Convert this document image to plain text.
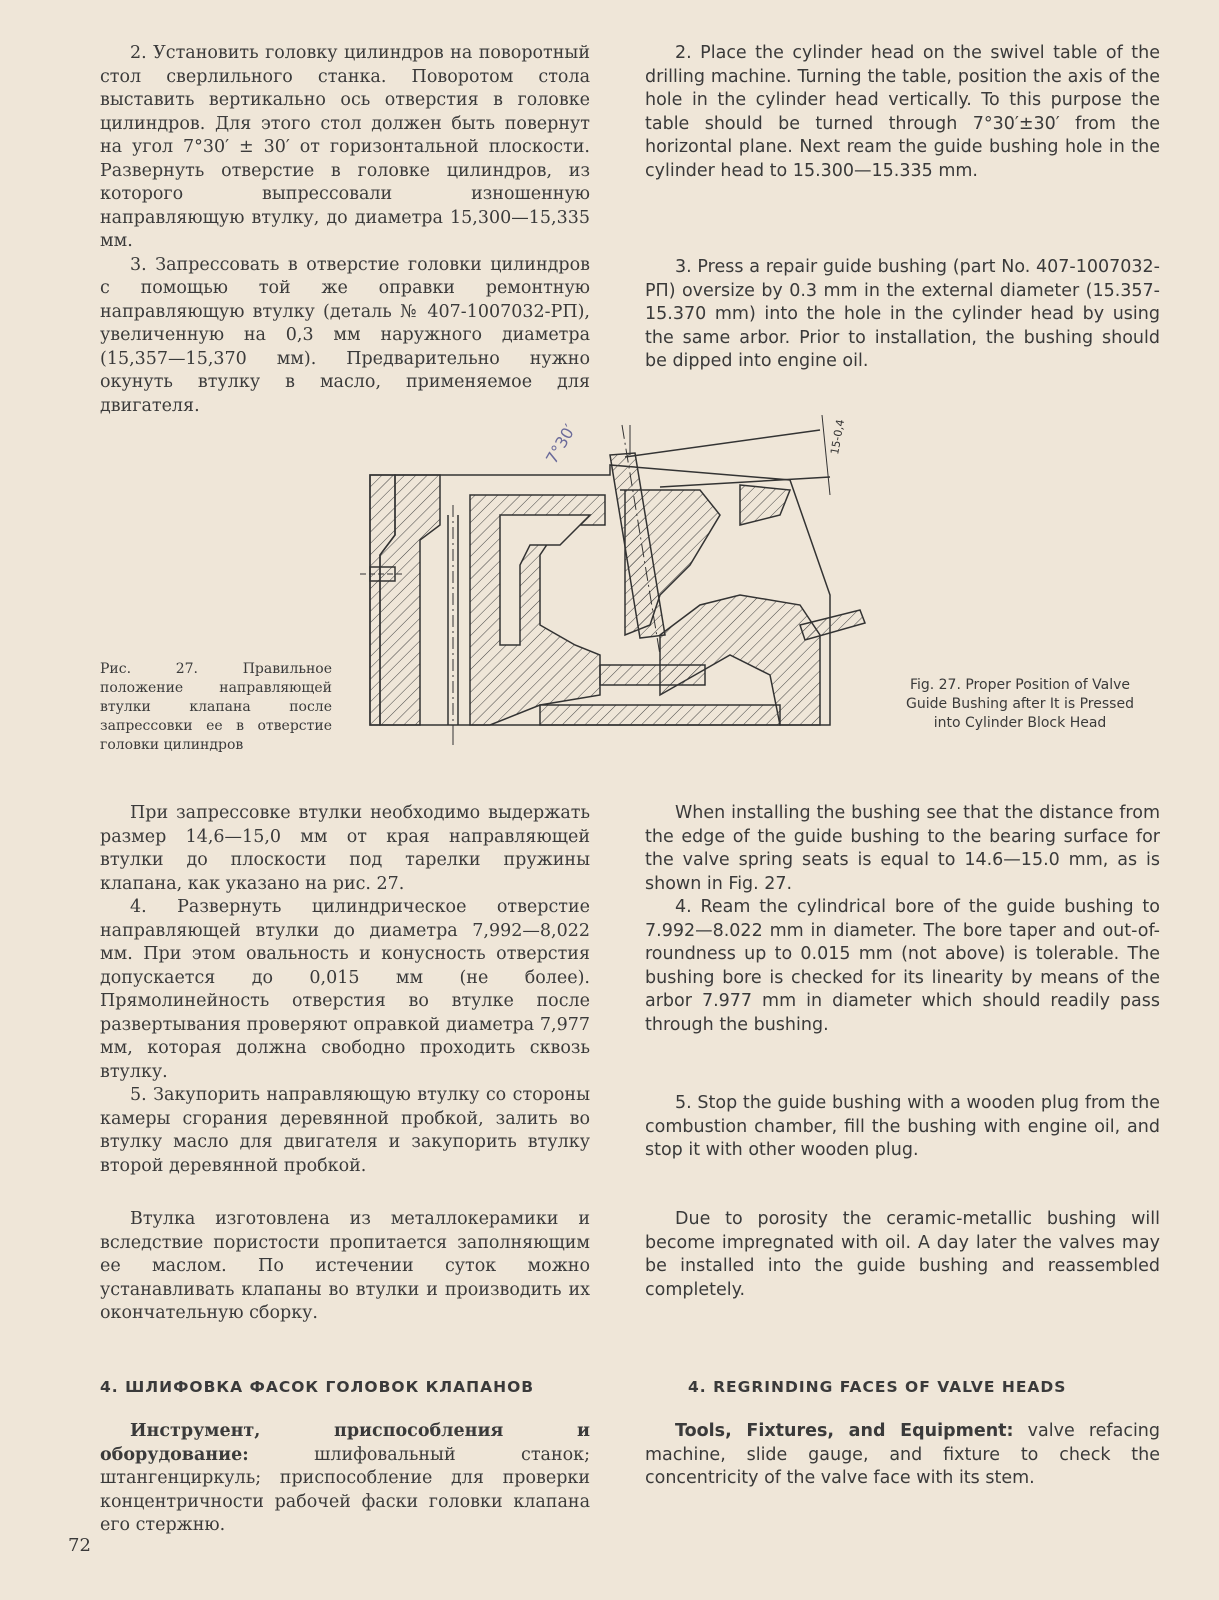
2. Установить головку цилиндров на поворотный стол сверлильного станка. Поворотом стола выставить вертикально ось отверстия в головке цилиндров. Для этого стол должен быть повернут на угол 7°30′ ± 30′ от горизонтальной плоскости. Развернуть отверстие в головке цилиндров, из которого выпрессовали изношенную направляющую втулку, до диаметра 15,300—15,335 мм.

3. Запрессовать в отверстие головки цилиндров с помощью той же оправки ремонтную направляющую втулку (деталь № 407-1007032-РП), увеличенную на 0,3 мм наружного диаметра (15,357—15,370 мм). Предварительно нужно окунуть втулку в масло, применяемое для двигателя.

2. Place the cylinder head on the swivel table of the drilling machine. Turning the table, position the axis of the hole in the cylinder head vertically. To this purpose the table should be turned through 7°30′±30′ from the horizontal plane. Next ream the guide bushing hole in the cylinder head to 15.300—15.335 mm.

3. Press a repair guide bushing (part No. 407-1007032-РП) oversize by 0.3 mm in the external diameter (15.357-15.370 mm) into the hole in the cylinder head by using the same arbor. Prior to installation, the bushing should be dipped into engine oil.

15-0,4
7°30′
Рис. 27. Правильное положение направляющей втулки клапана после запрессовки ее в отверстие головки цилиндров
Fig. 27. Proper Position of Valve Guide Bushing after It is Pressed into Cylinder Block Head

При запрессовке втулки необходимо выдержать размер 14,6—15,0 мм от края направляющей втулки до плоскости под тарелки пружины клапана, как указано на рис. 27.

4. Развернуть цилиндрическое отверстие направляющей втулки до диаметра 7,992—8,022 мм. При этом овальность и конусность отверстия допускается до 0,015 мм (не более). Прямолинейность отверстия во втулке после развертывания проверяют оправкой диаметра 7,977 мм, которая должна свободно проходить сквозь втулку.

5. Закупорить направляющую втулку со стороны камеры сгорания деревянной пробкой, залить во втулку масло для двигателя и закупорить втулку второй деревянной пробкой.

When installing the bushing see that the distance from the edge of the guide bushing to the bearing surface for the valve spring seats is equal to 14.6—15.0 mm, as is shown in Fig. 27.

4. Ream the cylindrical bore of the guide bushing to 7.992—8.022 mm in diameter. The bore taper and out-of-roundness up to 0.015 mm (not above) is tolerable. The bushing bore is checked for its linearity by means of the arbor 7.977 mm in diameter which should readily pass through the bushing.

5. Stop the guide bushing with a wooden plug from the combustion chamber, fill the bushing with engine oil, and stop it with other wooden plug.

Втулка изготовлена из металлокерамики и вследствие пористости пропитается заполняющим ее маслом. По истечении суток можно устанавливать клапаны во втулки и производить их окончательную сборку.

Due to porosity the ceramic-metallic bushing will become impregnated with oil. A day later the valves may be installed into the guide bushing and reassembled completely.

4. ШЛИФОВКА ФАСОК ГОЛОВОК КЛАПАНОВ	4. REGRINDING FACES OF VALVE HEADS

Инструмент, приспособления и оборудование: шлифовальный станок; штангенциркуль; приспособление для проверки концентричности рабочей фаски головки клапана его стержню.

Tools, Fixtures, and Equipment: valve refacing machine, slide gauge, and fixture to check the concentricity of the valve face with its stem.

72
